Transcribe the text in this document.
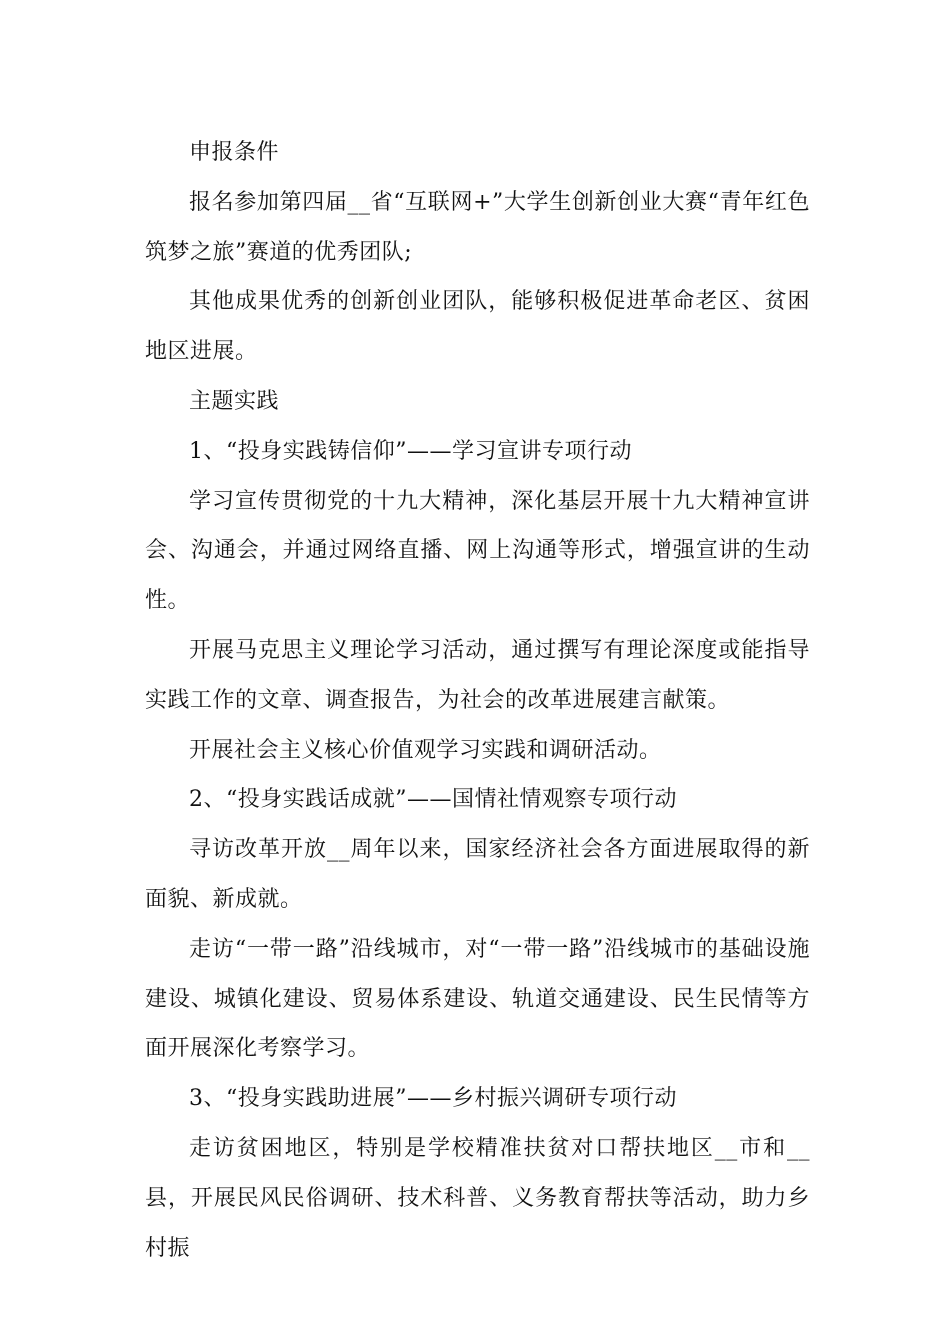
申报条件

报名参加第四届__省“互联网+”大学生创新创业大赛“青年红色筑梦之旅”赛道的优秀团队;

其他成果优秀的创新创业团队，能够积极促进革命老区、贫困地区进展。

主题实践

1、“投身实践铸信仰”——学习宣讲专项行动

学习宣传贯彻党的十九大精神，深化基层开展十九大精神宣讲会、沟通会，并通过网络直播、网上沟通等形式，增强宣讲的生动性。

开展马克思主义理论学习活动，通过撰写有理论深度或能指导实践工作的文章、调查报告，为社会的改革进展建言献策。

开展社会主义核心价值观学习实践和调研活动。

2、“投身实践话成就”——国情社情观察专项行动

寻访改革开放__周年以来，国家经济社会各方面进展取得的新面貌、新成就。

走访“一带一路”沿线城市，对“一带一路”沿线城市的基础设施建设、城镇化建设、贸易体系建设、轨道交通建设、民生民情等方面开展深化考察学习。

3、“投身实践助进展”——乡村振兴调研专项行动

走访贫困地区，特别是学校精准扶贫对口帮扶地区__市和__县，开展民风民俗调研、技术科普、义务教育帮扶等活动，助力乡村振
